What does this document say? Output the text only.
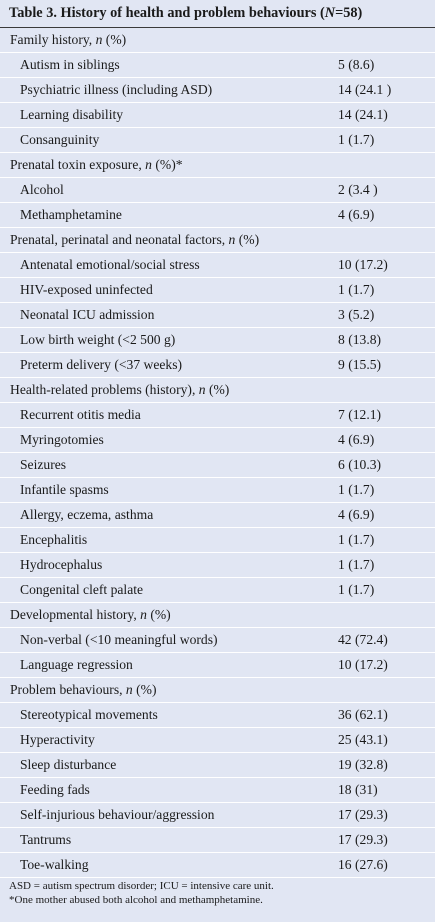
Table 3. History of health and problem behaviours (N=58)
Family history, n (%)
Autism in siblings	5 (8.6)
Psychiatric illness (including ASD)	14 (24.1 )
Learning disability	14 (24.1)
Consanguinity	1 (1.7)
Prenatal toxin exposure, n (%)*
Alcohol	2 (3.4 )
Methamphetamine	4 (6.9)
Prenatal, perinatal and neonatal factors, n (%)
Antenatal emotional/social stress	10 (17.2)
HIV-exposed uninfected	1 (1.7)
Neonatal ICU admission	3 (5.2)
Low birth weight (<2 500 g)	8 (13.8)
Preterm delivery (<37 weeks)	9 (15.5)
Health-related problems (history), n (%)
Recurrent otitis media	7 (12.1)
Myringotomies	4 (6.9)
Seizures	6 (10.3)
Infantile spasms	1 (1.7)
Allergy, eczema, asthma	4 (6.9)
Encephalitis	1 (1.7)
Hydrocephalus	1 (1.7)
Congenital cleft palate	1 (1.7)
Developmental history, n (%)
Non-verbal (<10 meaningful words)	42 (72.4)
Language regression	10 (17.2)
Problem behaviours, n (%)
Stereotypical movements	36 (62.1)
Hyperactivity	25 (43.1)
Sleep disturbance	19 (32.8)
Feeding fads	18 (31)
Self-injurious behaviour/aggression	17 (29.3)
Tantrums	17 (29.3)
Toe-walking	16 (27.6)
ASD = autism spectrum disorder; ICU = intensive care unit.
*One mother abused both alcohol and methamphetamine.
